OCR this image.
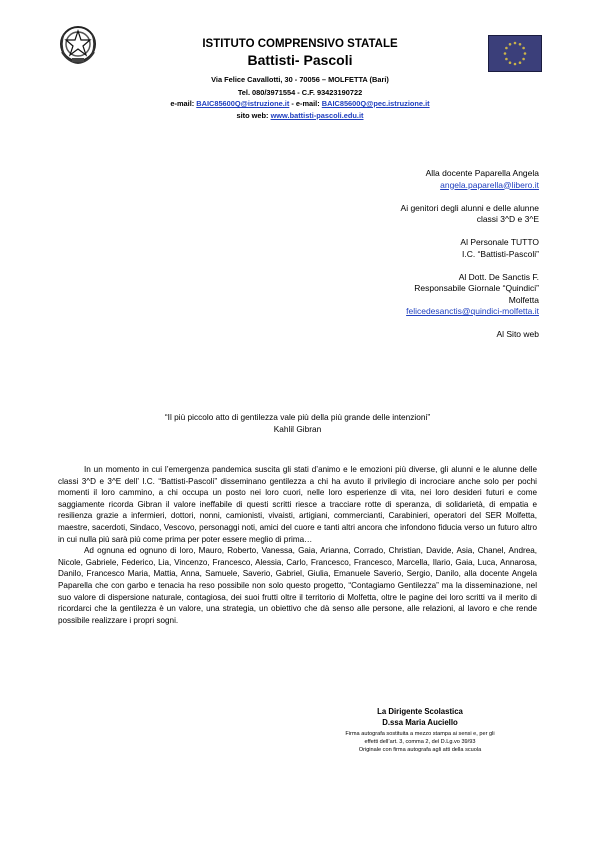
ISTITUTO COMPRENSIVO STATALE
Battisti- Pascoli
Via Felice Cavallotti, 30 - 70056 – MOLFETTA (Bari)
Tel. 080/3971554 - C.F. 93423190722
e-mail: BAIC85600Q@istruzione.it - e-mail: BAIC85600Q@pec.istruzione.it
sito web: www.battisti-pascoli.edu.it
Alla docente Paparella Angela
angela.paparella@libero.it
Ai genitori degli alunni e delle alunne
classi 3^D e 3^E
Al Personale TUTTO
I.C. “Battisti-Pascoli”
Al Dott. De Sanctis F.
Responsabile Giornale “Quindici”
Molfetta
felicedesanctis@quindici-molfetta.it
Al Sito web
“Il più piccolo atto di gentilezza vale più della più grande delle intenzioni”
Kahlil Gibran

In un momento in cui l’emergenza pandemica suscita gli stati d’animo e le emozioni più diverse, gli alunni e le alunne delle classi 3^D e 3^E dell’ I.C. “Battisti-Pascoli” disseminano gentilezza a chi ha avuto il privilegio di incrociare anche solo per pochi momenti il loro cammino, a chi occupa un posto nei loro cuori, nelle loro esperienze di vita, nei loro desideri futuri e come saggiamente ricorda Gibran il valore ineffabile di questi scritti riesce a tracciare rotte di speranza, di solidarietà, di empatia e resilienza grazie a infermieri, dottori, nonni, camionisti, vivaisti, artigiani, commercianti, Carabinieri, operatori del SER Molfetta, maestre, sacerdoti, Sindaco, Vescovo, personaggi noti, amici del cuore e tanti altri ancora che infondono fiducia verso un futuro altro in cui nulla più sarà più come prima per poter essere meglio di prima…

Ad ognuna ed ognuno di loro, Mauro, Roberto, Vanessa, Gaia, Arianna, Corrado, Christian, Davide, Asia, Chanel, Andrea, Nicole, Gabriele, Federico, Lia, Vincenzo, Francesco, Alessia, Carlo, Francesco, Francesco, Marcella, Ilario, Gaia, Luca, Annarosa, Danilo, Francesco Maria, Mattia, Anna, Samuele, Saverio, Gabriel, Giulia, Emanuele Saverio, Sergio, Danilo, alla docente Angela Paparella che con garbo e tenacia ha reso possibile non solo questo progetto, “Contagiamo Gentilezza” ma la disseminazione, nel suo valore di dispersione naturale, contagiosa, dei suoi frutti oltre il territorio di Molfetta, oltre le pagine dei loro scritti va il merito di ricordarci che la gentilezza è un valore, una strategia, un obiettivo che dà senso alle persone, alle relazioni, al lavoro e che rende possibile realizzare i propri sogni.

La Dirigente Scolastica
D.ssa Maria Auciello
Firma autografa sostituita a mezzo stampa ai sensi e, per gli
effetti dell’art. 3, comma 2, del D.Lg.vo 39/93
Originale con firma autografa agli atti della scuola
